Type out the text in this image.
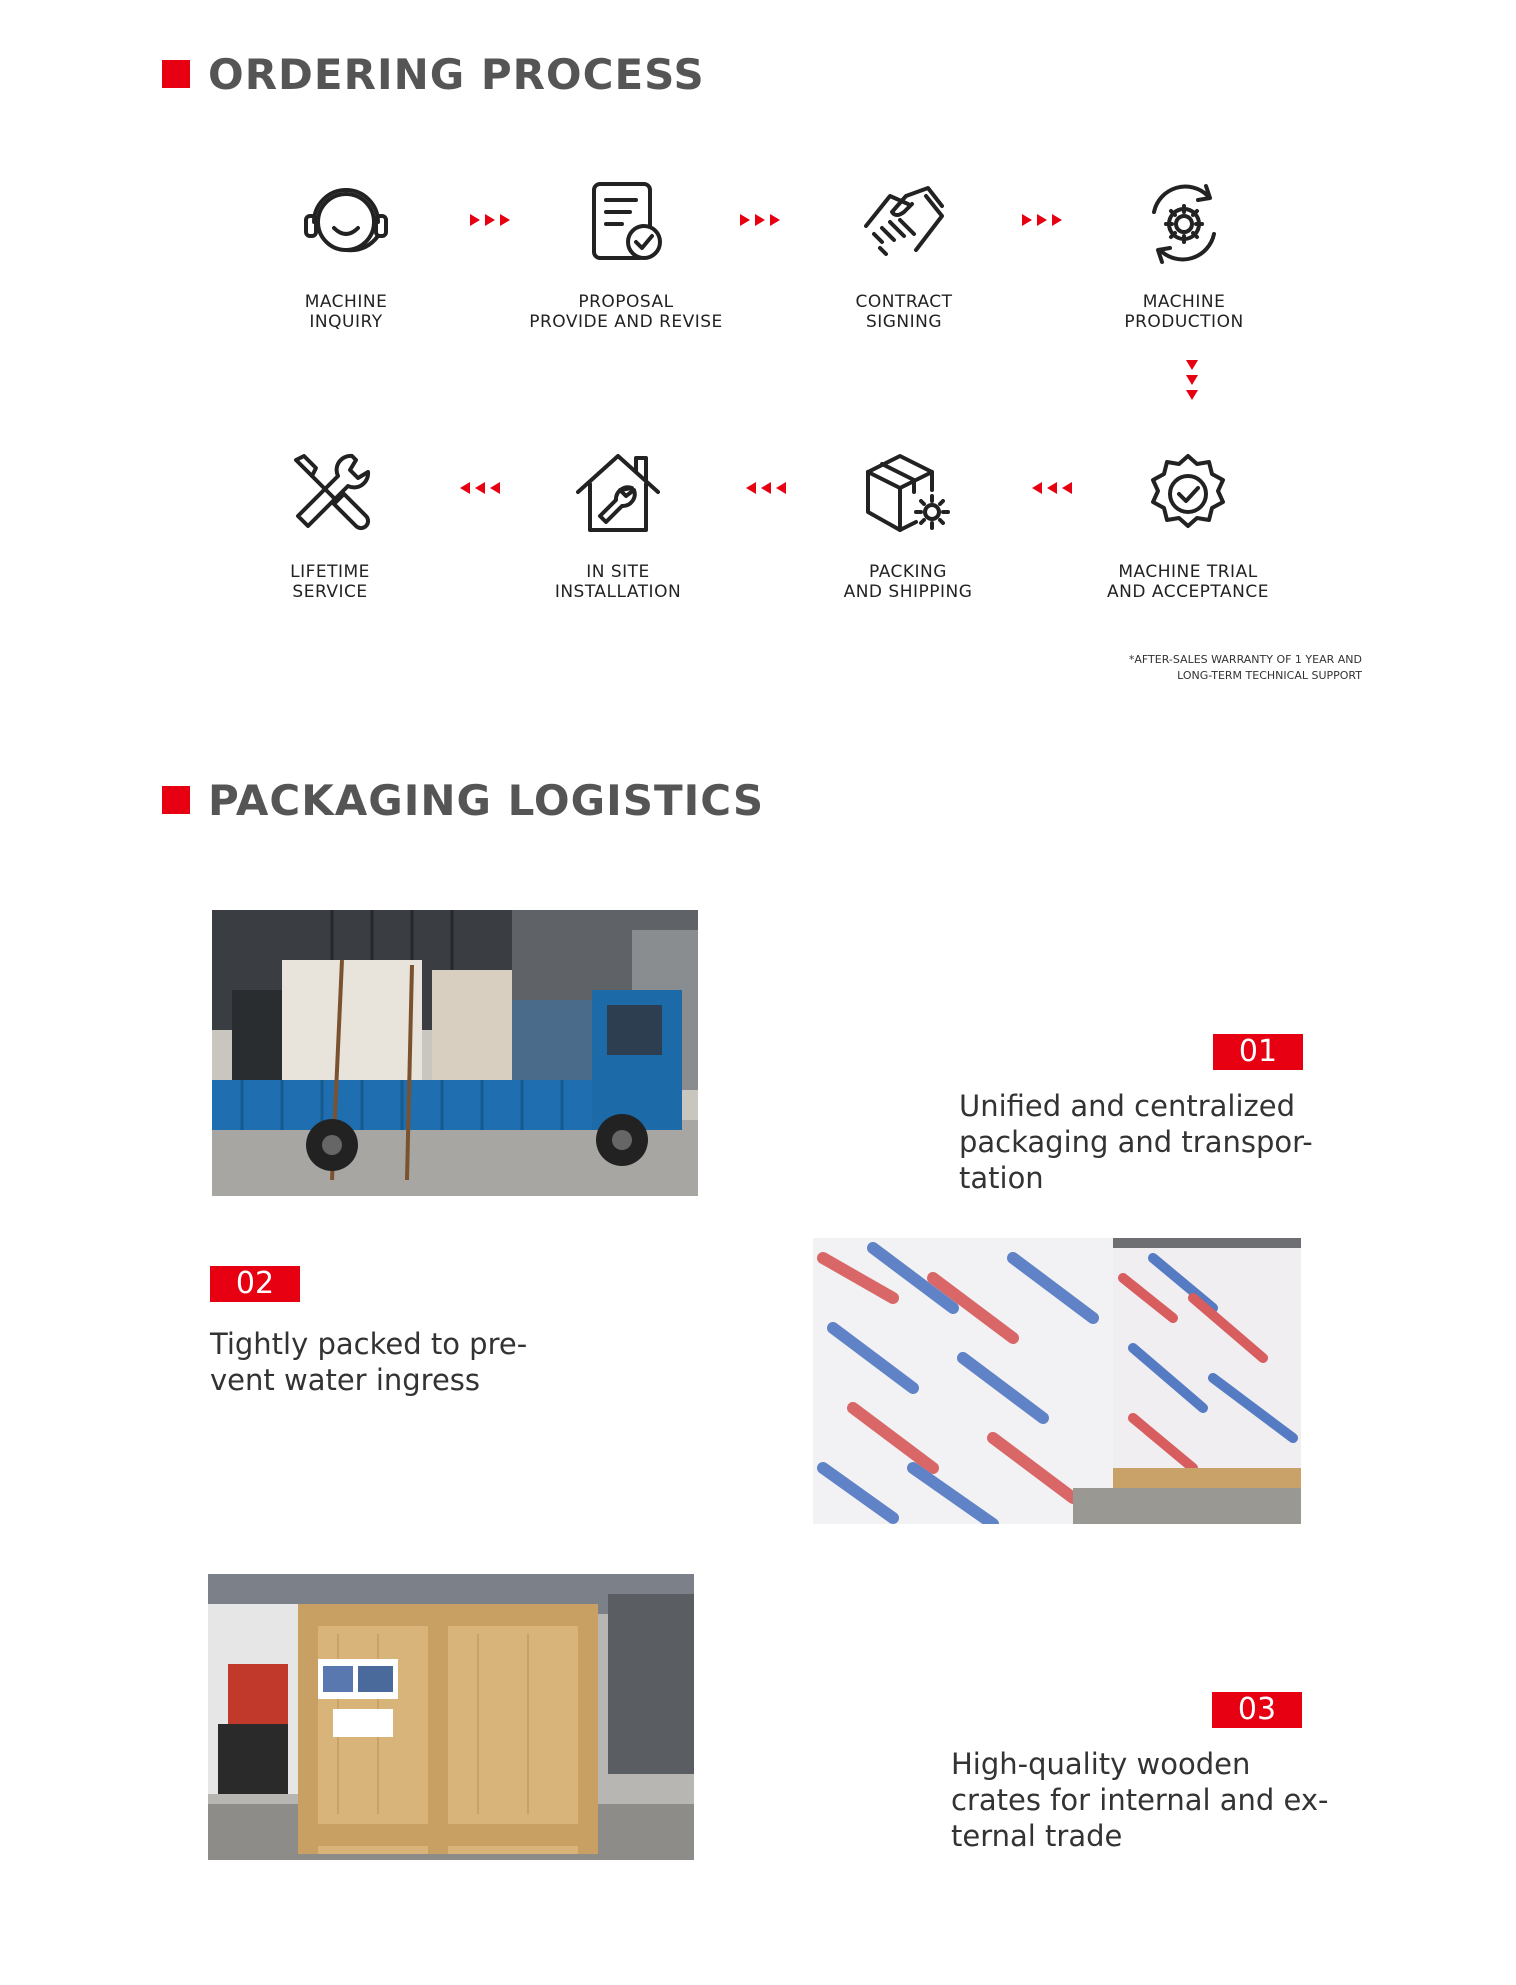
ORDERING PROCESS
MACHINE
INQUIRY
PROPOSAL
PROVIDE AND REVISE
CONTRACT
SIGNING
MACHINE
PRODUCTION
LIFETIME
SERVICE
IN SITE
INSTALLATION
PACKING
AND SHIPPING
MACHINE TRIAL
AND ACCEPTANCE
*AFTER-SALES WARRANTY OF 1 YEAR AND
LONG-TERM TECHNICAL SUPPORT
PACKAGING LOGISTICS
01
Unified and centralized
packaging and transpor-
tation
02
Tightly packed to pre-
vent water ingress
03
High-quality wooden
crates for internal and ex-
ternal trade
